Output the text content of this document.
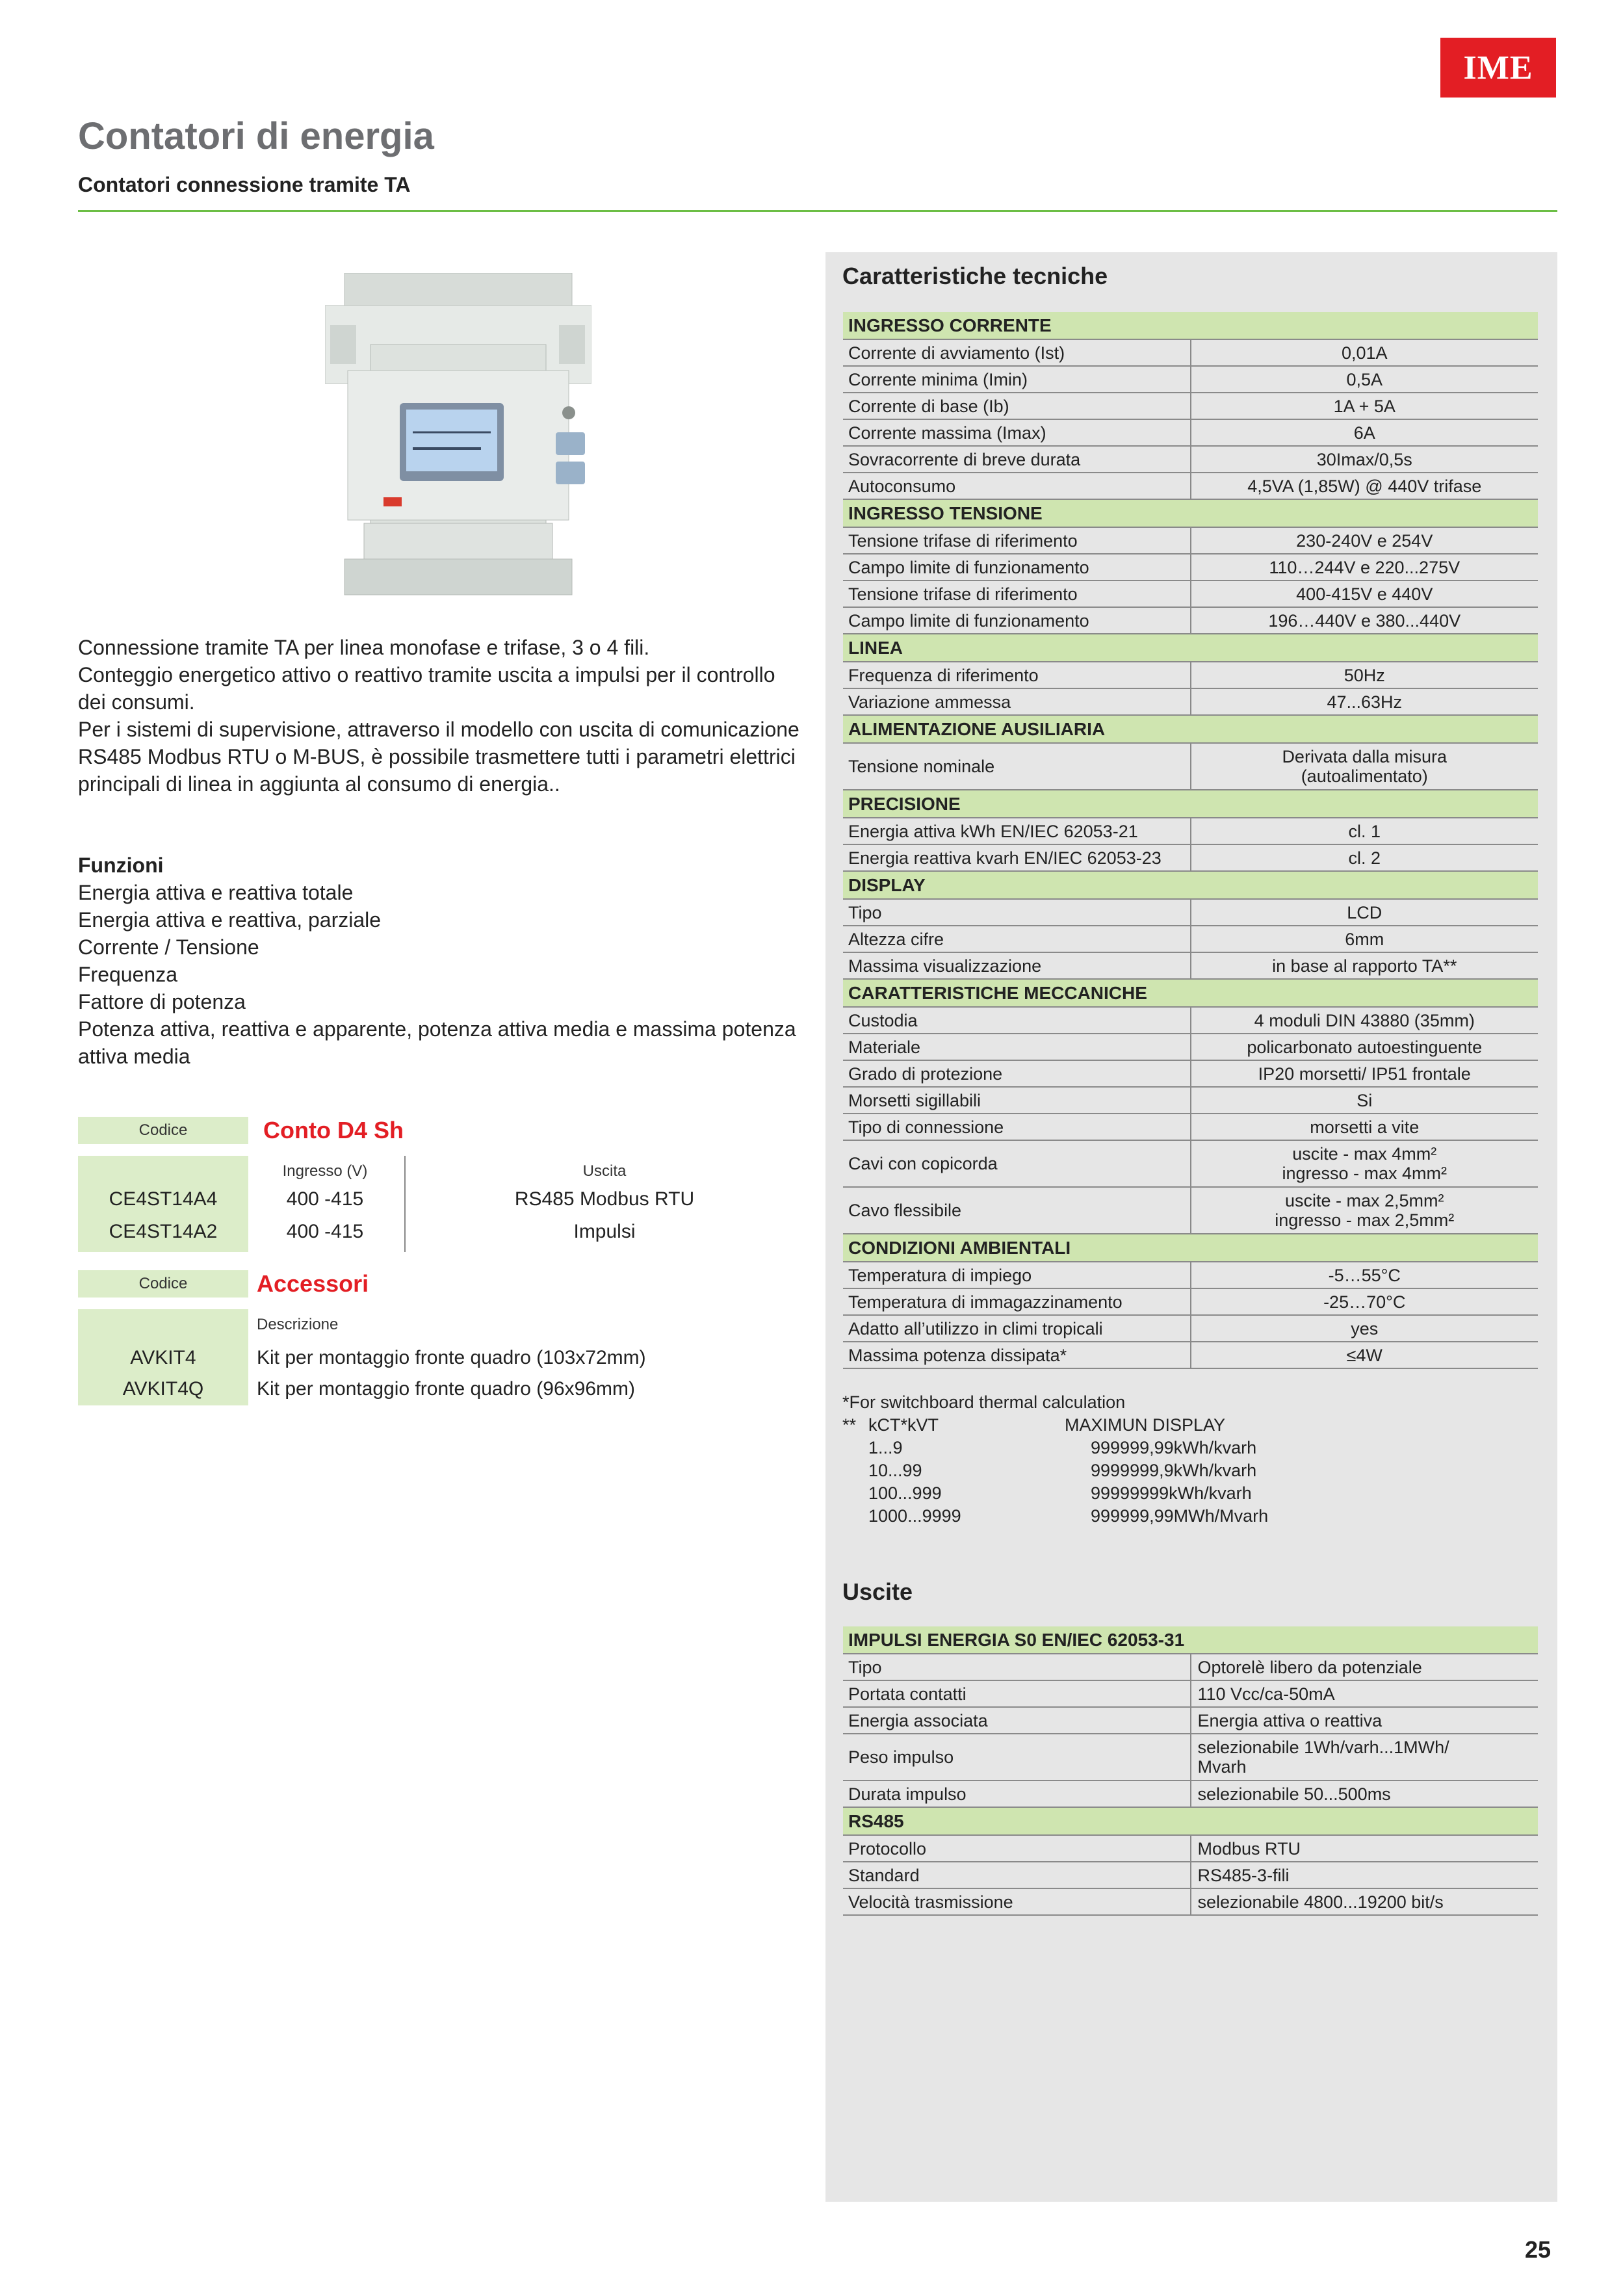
IME
Contatori di energia
Contatori connessione tramite TA

Connessione tramite TA per linea monofase e trifase, 3 o 4 fili.

Conteggio energetico attivo o reattivo tramite uscita a impulsi per il controllo dei consumi.

Per i sistemi di supervisione, attraverso il modello con uscita di comunicazione RS485 Modbus RTU o M-BUS, è possibile trasmettere tutti i parametri elettrici principali di linea in aggiunta al consumo di energia..

Funzioni
Energia attiva e reattiva totale
Energia attiva e reattiva, parziale
Corrente / Tensione
Frequenza
Fattore di potenza
Potenza attiva, reattiva e apparente, potenza attiva media e massima potenza attiva media
Codice	Conto D4 Sh
Ingresso (V)	Uscita
CE4ST14A4	400 -415	RS485 Modbus RTU
CE4ST14A2	400 -415	Impulsi
Codice	Accessori
Descrizione
AVKIT4	Kit per montaggio fronte quadro (103x72mm)
AVKIT4Q	Kit per montaggio fronte quadro (96x96mm)
Caratteristiche tecniche
INGRESSO CORRENTE	
Corrente di avviamento (Ist)	0,01A

Corrente minima (Imin)	0,5A

Corrente di base (Ib)	1A + 5A

Corrente massima (Imax)	6A

Sovracorrente di breve durata	30Imax/0,5s

Autoconsumo	4,5VA (1,85W) @ 440V trifase

INGRESSO TENSIONE	
Tensione trifase di riferimento	230-240V e 254V

Campo limite di funzionamento	110…244V e 220...275V

Tensione trifase di riferimento	400-415V e 440V

Campo limite di funzionamento	196…440V e 380...440V

LINEA	
Frequenza di riferimento	50Hz

Variazione ammessa	47...63Hz

ALIMENTAZIONE AUSILIARIA	
Tensione nominale	Derivata dalla misura
(autoalimentato)

PRECISIONE	
Energia attiva kWh EN/IEC 62053-21	cl. 1

Energia reattiva kvarh EN/IEC 62053-23	cl. 2

DISPLAY	
Tipo	LCD

Altezza cifre	6mm

Massima visualizzazione	in base al rapporto TA**

CARATTERISTICHE MECCANICHE	
Custodia	4 moduli DIN 43880 (35mm)

Materiale	policarbonato autoestinguente

Grado di protezione	IP20 morsetti/ IP51 frontale

Morsetti sigillabili	Si

Tipo di connessione	morsetti a vite

Cavi con copicorda	uscite - max 4mm²
ingresso - max 4mm²

Cavo flessibile	uscite - max 2,5mm²
ingresso - max 2,5mm²

CONDIZIONI AMBIENTALI	
Temperatura di impiego	-5…55°C

Temperatura di immagazzinamento	-25…70°C

Adatto all’utilizzo in climi tropicali	yes

Massima potenza dissipata*	≤4W
*For switchboard thermal calculation
** kCT*kVT	MAXIMUN DISPLAY
1...9	999999,99kWh/kvarh
10...99	9999999,9kWh/kvarh
100...999	99999999kWh/kvarh
1000...9999	999999,99MWh/Mvarh
Uscite
IMPULSI ENERGIA S0 EN/IEC 62053-31	
Tipo	Optorelè libero da potenziale

Portata contatti	110 Vcc/ca-50mA

Energia associata	Energia attiva o reattiva

Peso impulso	selezionabile 1Wh/varh...1MWh/
Mvarh

Durata impulso	selezionabile 50...500ms

RS485	
Protocollo	Modbus RTU

Standard	RS485-3-fili

Velocità trasmissione	selezionabile 4800...19200 bit/s
25
